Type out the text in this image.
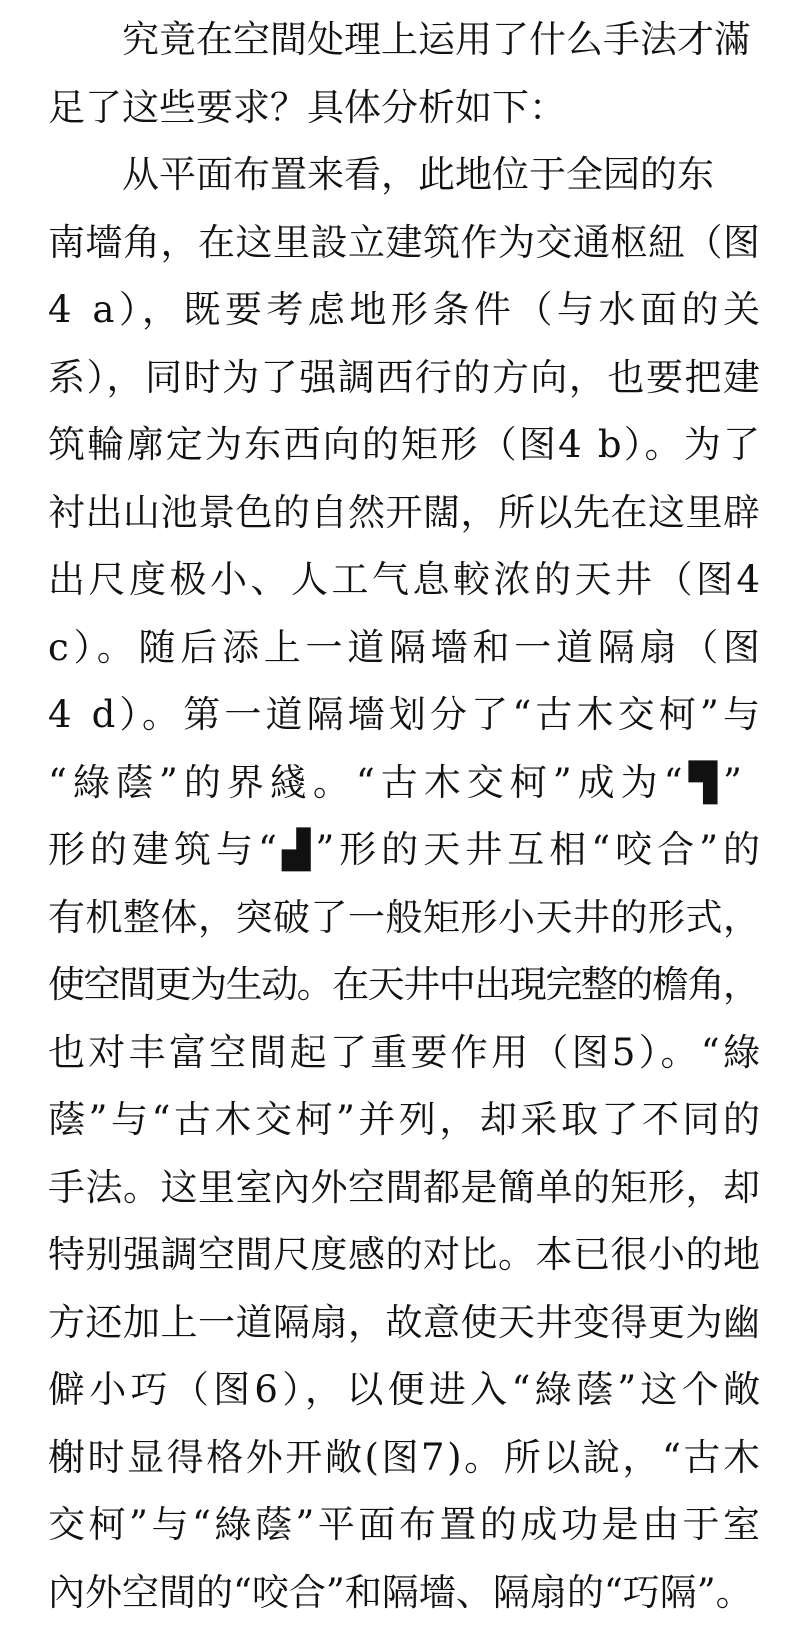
究竟在空間处理上运用了什么手法才滿
足了这些要求？具体分析如下：
从平面布置来看，此地位于全园的东
南墻角，在这里設立建筑作为交通枢紐（图
4 a），既要考虑地形条件（与水面的关
系），同时为了强調西行的方向，也要把建
筑輪廓定为东西向的矩形（图4 b）。为了
衬出山池景色的自然开闊，所以先在这里辟
出尺度极小、人工气息較浓的天井（图4
c）。随后添上一道隔墻和一道隔扇（图
4 d）。第一道隔墻划分了“古木交柯”与
“綠蔭”的界綫。“古木交柯”成为“▜”
形的建筑与“▟”形的天井互相“咬合”的
有机整体，突破了一般矩形小天井的形式，
使空間更为生动。在天井中出現完整的檐角，
也对丰富空間起了重要作用（图5）。“綠
蔭”与“古木交柯”并列，却采取了不同的
手法。这里室內外空間都是簡单的矩形，却
特别强調空間尺度感的对比。本已很小的地
方还加上一道隔扇，故意使天井变得更为幽
僻小巧（图6），以便进入“綠蔭”这个敞
榭时显得格外开敞(图7)。所以說，“古木
交柯”与“綠蔭”平面布置的成功是由于室
內外空間的“咬合”和隔墻、隔扇的“巧隔”。
